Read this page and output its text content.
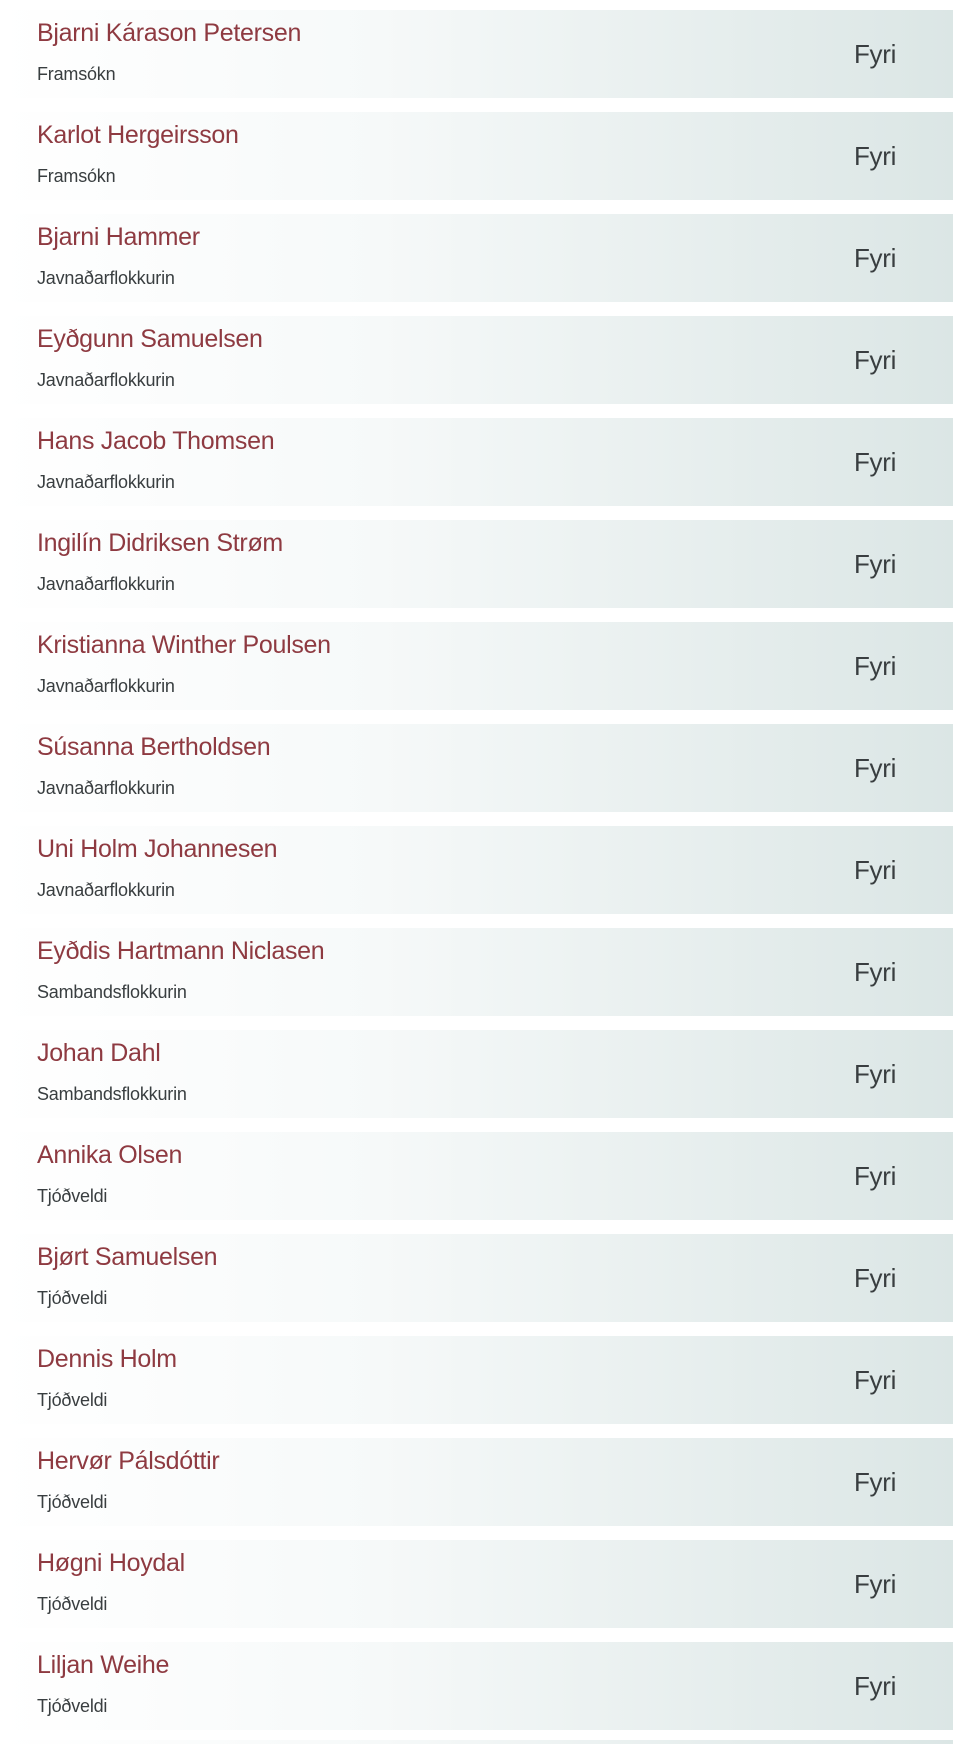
Bjarni Kárason Petersen
Framsókn
Fyri
Karlot Hergeirsson
Framsókn
Fyri
Bjarni Hammer
Javnaðarflokkurin
Fyri
Eyðgunn Samuelsen
Javnaðarflokkurin
Fyri
Hans Jacob Thomsen
Javnaðarflokkurin
Fyri
Ingilín Didriksen Strøm
Javnaðarflokkurin
Fyri
Kristianna Winther Poulsen
Javnaðarflokkurin
Fyri
Súsanna Bertholdsen
Javnaðarflokkurin
Fyri
Uni Holm Johannesen
Javnaðarflokkurin
Fyri
Eyðdis Hartmann Niclasen
Sambandsflokkurin
Fyri
Johan Dahl
Sambandsflokkurin
Fyri
Annika Olsen
Tjóðveldi
Fyri
Bjørt Samuelsen
Tjóðveldi
Fyri
Dennis Holm
Tjóðveldi
Fyri
Hervør Pálsdóttir
Tjóðveldi
Fyri
Høgni Hoydal
Tjóðveldi
Fyri
Liljan Weihe
Tjóðveldi
Fyri
